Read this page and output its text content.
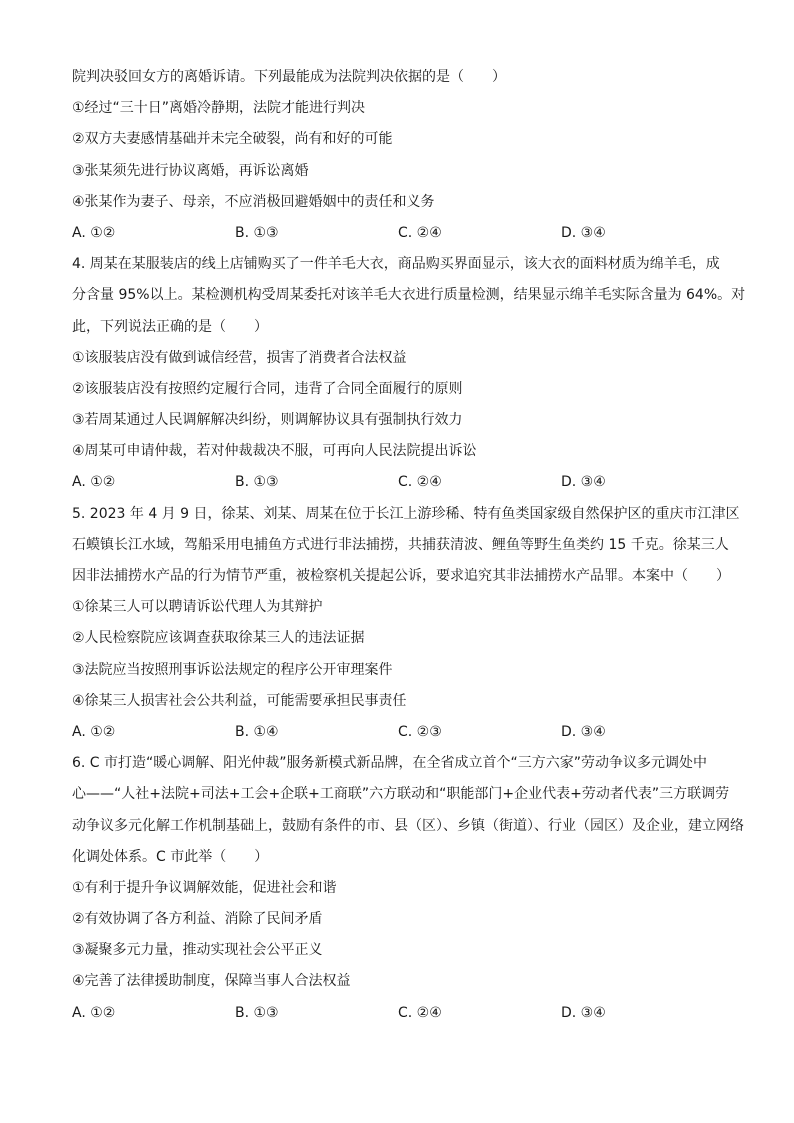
院判决驳回女方的离婚诉请。下列最能成为法院判决依据的是（　　）
①经过“三十日”离婚冷静期，法院才能进行判决
②双方夫妻感情基础并未完全破裂，尚有和好的可能
③张某须先进行协议离婚，再诉讼离婚
④张某作为妻子、母亲，不应消极回避婚姻中的责任和义务
A. ①②	B. ①③	C. ②④	D. ③④
4. 周某在某服装店的线上店铺购买了一件羊毛大衣，商品购买界面显示，该大衣的面料材质为绵羊毛，成
分含量 95%以上。某检测机构受周某委托对该羊毛大衣进行质量检测，结果显示绵羊毛实际含量为 64%。对
此，下列说法正确的是（　　）
①该服装店没有做到诚信经营，损害了消费者合法权益
②该服装店没有按照约定履行合同，违背了合同全面履行的原则
③若周某通过人民调解解决纠纷，则调解协议具有强制执行效力
④周某可申请仲裁，若对仲裁裁决不服，可再向人民法院提出诉讼
A. ①②	B. ①③	C. ②④	D. ③④
5. 2023 年 4 月 9 日，徐某、刘某、周某在位于长江上游珍稀、特有鱼类国家级自然保护区的重庆市江津区
石蟆镇长江水域，驾船采用电捕鱼方式进行非法捕捞，共捕获清波、鲤鱼等野生鱼类约 15 千克。徐某三人
因非法捕捞水产品的行为情节严重，被检察机关提起公诉，要求追究其非法捕捞水产品罪。本案中（　　）
①徐某三人可以聘请诉讼代理人为其辩护
②人民检察院应该调查获取徐某三人的违法证据
③法院应当按照刑事诉讼法规定的程序公开审理案件
④徐某三人损害社会公共利益，可能需要承担民事责任
A. ①②	B. ①④	C. ②③	D. ③④
6. C 市打造“暖心调解、阳光仲裁”服务新模式新品牌，在全省成立首个“三方六家”劳动争议多元调处中
心——“人社+法院+司法+工会+企联+工商联”六方联动和“职能部门+企业代表+劳动者代表”三方联调劳
动争议多元化解工作机制基础上，鼓励有条件的市、县（区）、乡镇（街道）、行业（园区）及企业，建立网络
化调处体系。C 市此举（　　）
①有利于提升争议调解效能，促进社会和谐
②有效协调了各方利益、消除了民间矛盾
③凝聚多元力量，推动实现社会公平正义
④完善了法律援助制度，保障当事人合法权益
A. ①②	B. ①③	C. ②④	D. ③④
